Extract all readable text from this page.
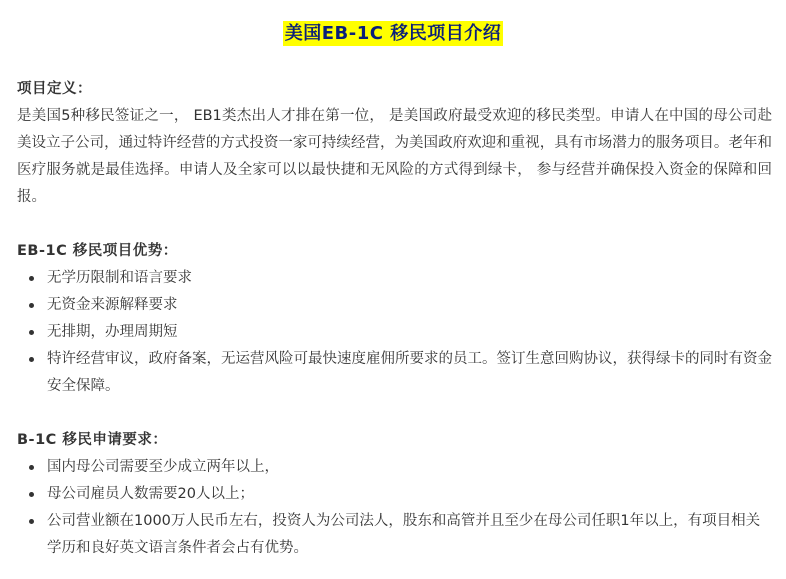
美国EB-1C 移民项目介绍
项目定义：

是美国5种移民签证之一， EB1类杰出人才排在第一位， 是美国政府最受欢迎的移民类型。申请人在中国的母公司赴美设立子公司，通过特许经营的方式投资一家可持续经营，为美国政府欢迎和重视，具有市场潜力的服务项目。老年和医疗服务就是最佳选择。申请人及全家可以以最快捷和无风险的方式得到绿卡， 参与经营并确保投入资金的保障和回报。

EB-1C 移民项目优势：
无学历限制和语言要求
无资金来源解释要求
无排期，办理周期短
特许经营审议，政府备案，无运营风险可最快速度雇佣所要求的员工。签订生意回购协议，获得绿卡的同时有资金安全保障。
B-1C 移民申请要求：
国内母公司需要至少成立两年以上，
母公司雇员人数需要20人以上；
公司营业额在1000万人民币左右，投资人为公司法人，股东和高管并且至少在母公司任职1年以上，有项目相关学历和良好英文语言条件者会占有优势。
